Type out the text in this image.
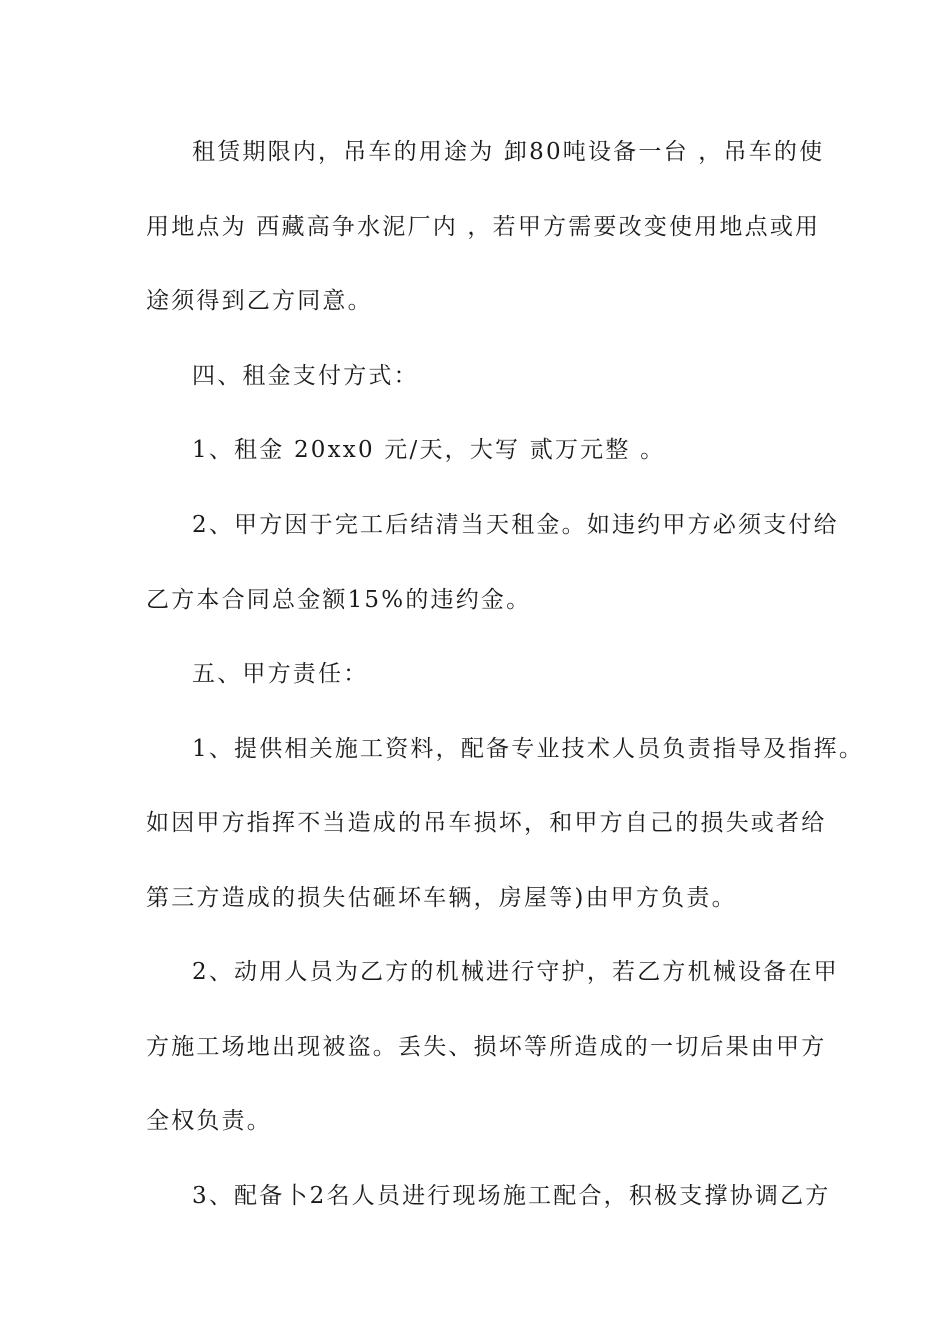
租赁期限内，吊车的用途为 卸80吨设备一台 ，吊车的使
用地点为 西藏高争水泥厂内 ，若甲方需要改变使用地点或用
途须得到乙方同意。
四、租金支付方式：
1、租金 20xx0 元/天，大写 贰万元整 。
2、甲方因于完工后结清当天租金。如违约甲方必须支付给
乙方本合同总金额15%的违约金。
五、甲方责任：
1、提供相关施工资料，配备专业技术人员负责指导及指挥。
如因甲方指挥不当造成的吊车损坏，和甲方自己的损失或者给
第三方造成的损失估砸坏车辆，房屋等)由甲方负责。
2、动用人员为乙方的机械进行守护，若乙方机械设备在甲
方施工场地出现被盗。丢失、损坏等所造成的一切后果由甲方
全权负责。
3、配备卜2名人员进行现场施工配合，积极支撑协调乙方
